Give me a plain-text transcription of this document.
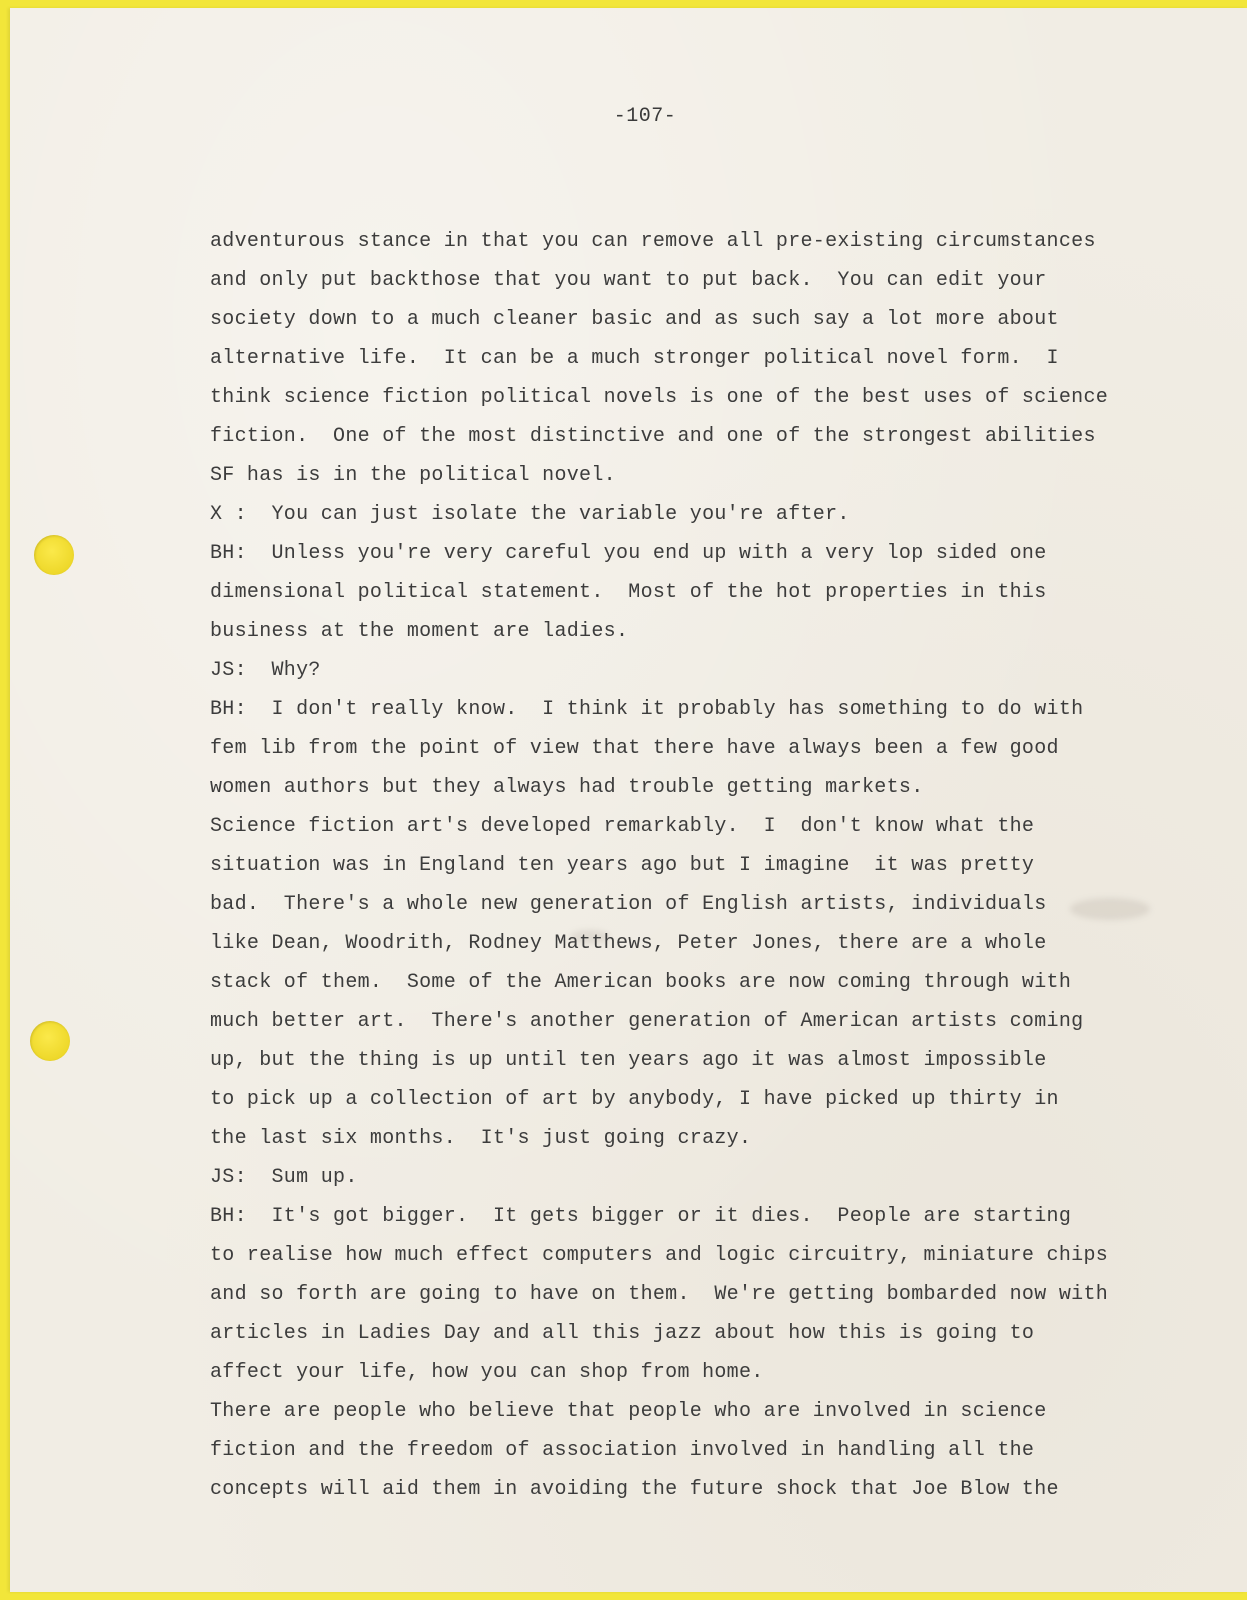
-107-
adventurous stance in that you can remove all pre-existing circumstances
and only put backthose that you want to put back.  You can edit your
society down to a much cleaner basic and as such say a lot more about
alternative life.  It can be a much stronger political novel form.  I
think science fiction political novels is one of the best uses of science
fiction.  One of the most distinctive and one of the strongest abilities
SF has is in the political novel.
X :  You can just isolate the variable you're after.
BH:  Unless you're very careful you end up with a very lop sided one
dimensional political statement.  Most of the hot properties in this
business at the moment are ladies.
JS:  Why?
BH:  I don't really know.  I think it probably has something to do with
fem lib from the point of view that there have always been a few good
women authors but they always had trouble getting markets.
Science fiction art's developed remarkably.  I  don't know what the
situation was in England ten years ago but I imagine  it was pretty
bad.  There's a whole new generation of English artists, individuals
like Dean, Woodrith, Rodney Matthews, Peter Jones, there are a whole
stack of them.  Some of the American books are now coming through with
much better art.  There's another generation of American artists coming
up, but the thing is up until ten years ago it was almost impossible
to pick up a collection of art by anybody, I have picked up thirty in
the last six months.  It's just going crazy.
JS:  Sum up.
BH:  It's got bigger.  It gets bigger or it dies.  People are starting
to realise how much effect computers and logic circuitry, miniature chips
and so forth are going to have on them.  We're getting bombarded now with
articles in Ladies Day and all this jazz about how this is going to
affect your life, how you can shop from home.
There are people who believe that people who are involved in science
fiction and the freedom of association involved in handling all the
concepts will aid them in avoiding the future shock that Joe Blow the
